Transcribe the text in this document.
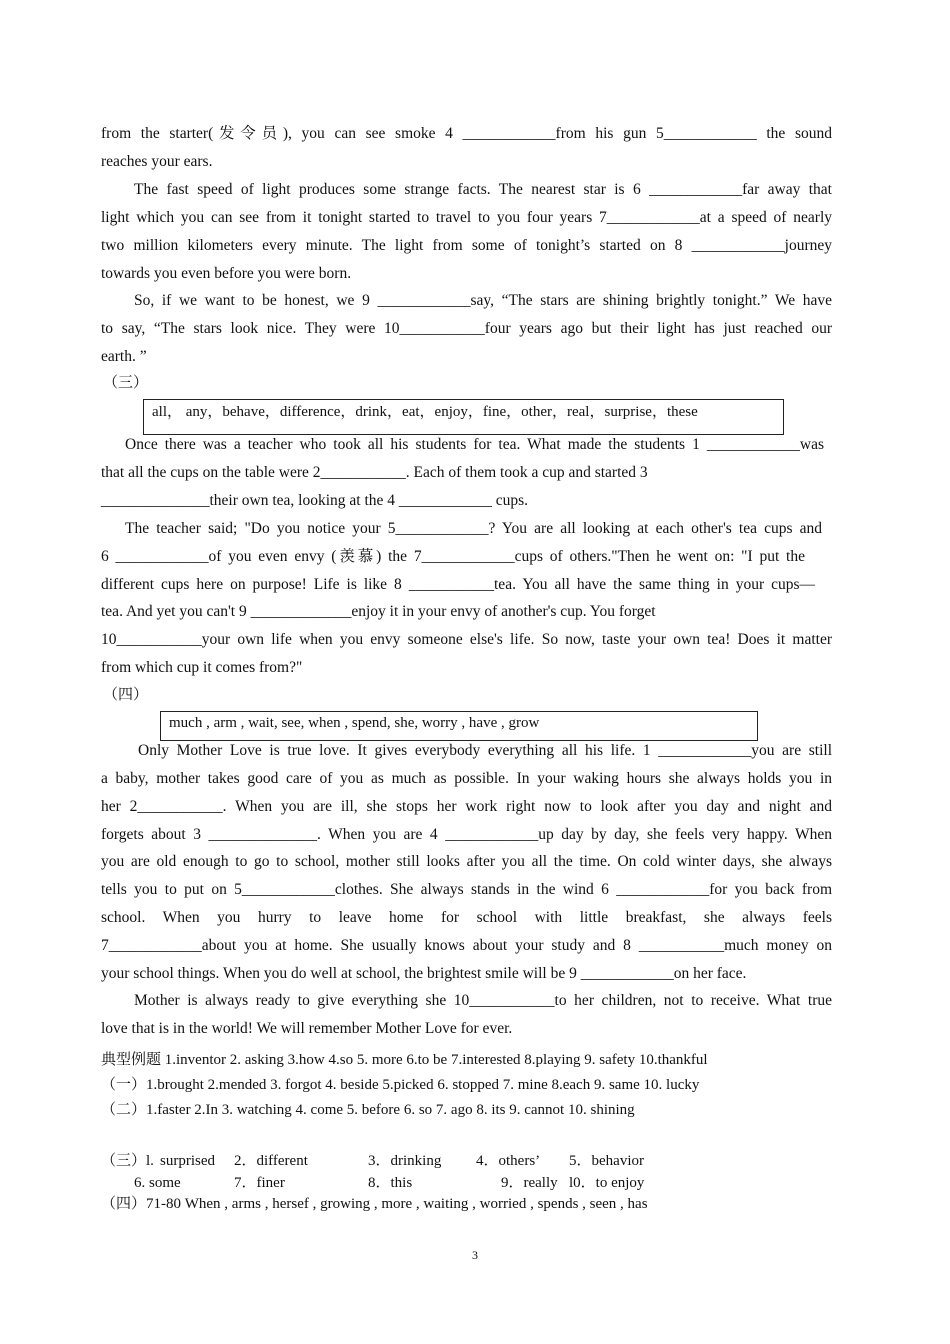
from the starter(发令员), you can see smoke 4 ____________from his gun 5____________ the sound
reaches your ears.
The fast speed of light produces some strange facts. The nearest star is 6 ____________far away that
light which you can see from it tonight started to travel to you four years 7____________at a speed of nearly
two million kilometers every minute. The light from some of tonight’s started on 8 ____________journey
towards you even before you were born.
So, if we want to be honest, we 9 ____________say, “The stars are shining brightly tonight.” We have
to say, “The stars look nice. They were 10___________four years ago but their light has just reached our
earth. ”
（三）
all， any，behave，difference，drink，eat，enjoy，fine，other，real，surprise，these
Once there was a teacher who took all his students for tea. What made the students 1 ____________was
that all the cups on the table were 2___________. Each of them took a cup and started 3
______________their own tea, looking at the 4 ____________ cups.
The teacher said; "Do you notice your 5____________? You are all looking at each other's tea cups and
6 ____________of you even envy (羡慕) the 7____________cups of others."Then he went on: "I put the
different cups here on purpose! Life is like 8 ___________tea. You all have the same thing in your cups—
tea. And yet you can't 9 _____________enjoy it in your envy of another's cup. You forget
10___________your own life when you envy someone else's life. So now, taste your own tea! Does it matter
from which cup it comes from?"
（四）
much , arm , wait, see, when , spend, she, worry , have , grow
Only Mother Love is true love. It gives everybody everything all his life. 1 ____________you are still
a baby, mother takes good care of you as much as possible. In your waking hours she always holds you in
her 2___________. When you are ill, she stops her work right now to look after you day and night and
forgets about 3 ______________. When you are 4 ____________up day by day, she feels very happy. When
you are old enough to go to school, mother still looks after you all the time. On cold winter days, she always
tells you to put on 5____________clothes. She always stands in the wind 6 ____________for you back from
school. When you hurry to leave home for school with little breakfast, she always feels
7____________about you at home. She usually knows about your study and 8 ___________much money on
your school things. When you do well at school, the brightest smile will be 9 ____________on her face.
Mother is always ready to give everything she 10___________to her children, not to receive. What true
love that is in the world! We will remember Mother Love for ever.
典型例题 1.inventor 2. asking 3.how 4.so 5. more 6.to be 7.interested 8.playing 9. safety 10.thankful
（一）1.brought 2.mended 3. forgot 4. beside 5.picked 6. stopped 7. mine 8.each 9. same 10. lucky
（二）1.faster 2.In 3. watching 4. come 5. before 6. so 7. ago 8. its 9. cannot 10. shining
（三）l. surprised 2．different	3．drinking 4．others’ 5．behavior
6. some	7．finer	8．this	9．really l0．to enjoy
（四）71-80 When , arms , hersef , growing , more , waiting , worried , spends , seen , has
3
